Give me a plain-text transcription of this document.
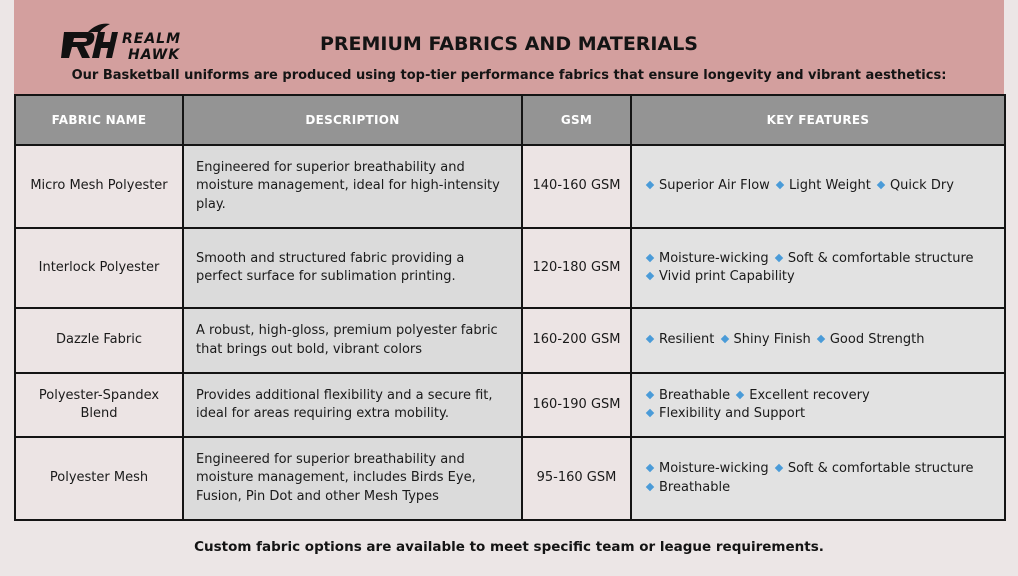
REALM
HAWK	PREMIUM FABRICS AND MATERIALS

Our Basketball uniforms are produced using top-tier performance fabrics that ensure longevity and vibrant aesthetics:

FABRIC NAME	DESCRIPTION	GSM	KEY FEATURES
Micro Mesh Polyester	Engineered for superior breathability and moisture management, ideal for high-intensity play.	140-160 GSM	Superior Air Flow Light Weight Quick Dry

Interlock Polyester	Smooth and structured fabric providing a perfect surface for sublimation printing.	120-180 GSM	Moisture-wicking Soft & comfortable structure
Vivid print Capability

Dazzle Fabric	A robust, high-gloss, premium polyester fabric that brings out bold, vibrant colors	160-200 GSM	Resilient Shiny Finish Good Strength

Polyester-Spandex Blend	Provides additional flexibility and a secure fit, ideal for areas requiring extra mobility.	160-190 GSM	Breathable Excellent recovery
Flexibility and Support

Polyester Mesh	Engineered for superior breathability and moisture management, includes Birds Eye, Fusion, Pin Dot and other Mesh Types	95-160 GSM	Moisture-wicking Soft & comfortable structure
Breathable

Custom fabric options are available to meet specific team or league requirements.
